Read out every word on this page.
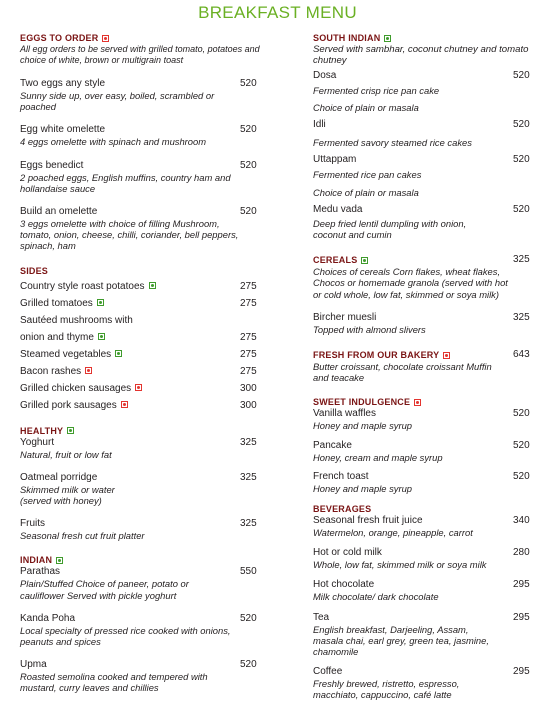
BREAKFAST MENU
EGGS TO ORDER
All egg orders to be served with grilled tomato, potatoes and choice of white, brown or multigrain toast
Two eggs any style	520
Sunny side up, over easy, boiled, scrambled or poached
Egg white omelette	520
4 eggs omelette with spinach and mushroom
Eggs benedict	520
2 poached eggs, English muffins, country ham and hollandaise sauce
Build an omelette	520
3 eggs omelette with choice of filling Mushroom, tomato, onion, cheese, chilli, coriander, bell peppers, spinach, ham
SIDES
Country style roast potatoes	275
Grilled tomatoes	275
Sautéed mushrooms with
onion and thyme	275
Steamed vegetables	275
Bacon rashes	275
Grilled chicken sausages	300
Grilled pork sausages	300
HEALTHY
Yoghurt	325
Natural, fruit or low fat
Oatmeal porridge	325
Skimmed milk or water (served with honey)
Fruits	325
Seasonal fresh cut fruit platter
INDIAN
Parathas	550
Plain/Stuffed Choice of paneer, potato or cauliflower Served with pickle yoghurt
Kanda Poha	520
Local specialty of pressed rice cooked with onions, peanuts and spices
Upma	520
Roasted semolina cooked and tempered with mustard, curry leaves and chillies
SOUTH INDIAN
Served with sambhar, coconut chutney and tomato chutney
Dosa	520
Fermented crisp rice pan cake
Choice of plain or masala
Idli	520
Fermented savory steamed rice cakes
Uttappam	520
Fermented rice pan cakes
Choice of plain or masala
Medu vada	520
Deep fried lentil dumpling with onion, coconut and cumin
CEREALS	325
Choices of cereals Corn flakes, wheat flakes, Chocos or homemade granola (served with hot or cold whole, low fat, skimmed or soya milk)
Bircher muesli	325
Topped with almond slivers
FRESH FROM OUR BAKERY	643
Butter croissant, chocolate croissant Muffin and teacake
SWEET INDULGENCE
Vanilla waffles	520
Honey and maple syrup
Pancake	520
Honey, cream and maple syrup
French toast	520
Honey and maple syrup
BEVERAGES
Seasonal fresh fruit juice	340
Watermelon, orange, pineapple, carrot
Hot or cold milk	280
Whole, low fat, skimmed milk or soya milk
Hot chocolate	295
Milk chocolate/ dark chocolate
Tea	295
English breakfast, Darjeeling, Assam, masala chai, earl grey, green tea, jasmine, chamomile
Coffee	295
Freshly brewed, ristretto, espresso, macchiato, cappuccino, café latte
